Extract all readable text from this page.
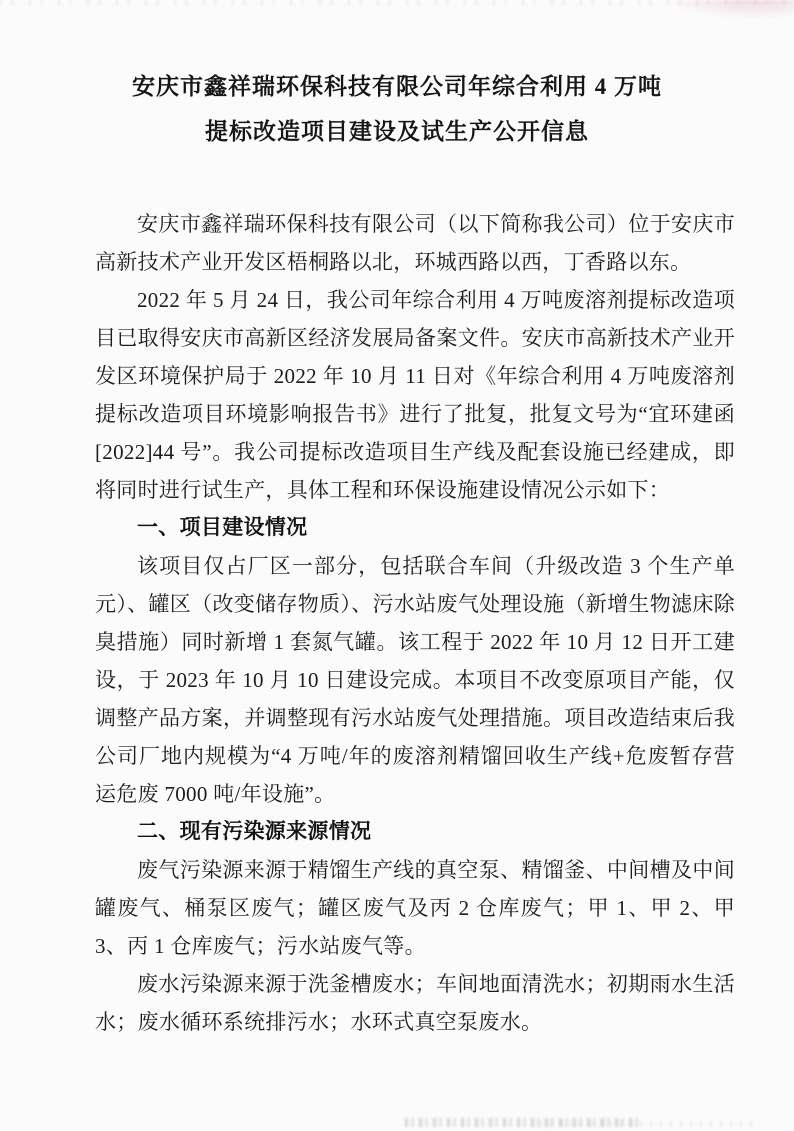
安庆市鑫祥瑞环保科技有限公司年综合利用 4 万吨
提标改造项目建设及试生产公开信息

安庆市鑫祥瑞环保科技有限公司（以下简称我公司）位于安庆市高新技术产业开发区梧桐路以北，环城西路以西，丁香路以东。

2022 年 5 月 24 日，我公司年综合利用 4 万吨废溶剂提标改造项目已取得安庆市高新区经济发展局备案文件。安庆市高新技术产业开发区环境保护局于 2022 年 10 月 11 日对《年综合利用 4 万吨废溶剂提标改造项目环境影响报告书》进行了批复，批复文号为“宜环建函[2022]44 号”。我公司提标改造项目生产线及配套设施已经建成，即将同时进行试生产，具体工程和环保设施建设情况公示如下：

一、项目建设情况

该项目仅占厂区一部分，包括联合车间（升级改造 3 个生产单元）、罐区（改变储存物质）、污水站废气处理设施（新增生物滤床除臭措施）同时新增 1 套氮气罐。该工程于 2022 年 10 月 12 日开工建设，于 2023 年 10 月 10 日建设完成。本项目不改变原项目产能，仅调整产品方案，并调整现有污水站废气处理措施。项目改造结束后我公司厂地内规模为“4 万吨/年的废溶剂精馏回收生产线+危废暂存营运危废 7000 吨/年设施”。

二、现有污染源来源情况

废气污染源来源于精馏生产线的真空泵、精馏釜、中间槽及中间罐废气、桶泵区废气；罐区废气及丙 2 仓库废气；甲 1、甲 2、甲 3、丙 1 仓库废气；污水站废气等。

废水污染源来源于洗釜槽废水；车间地面清洗水；初期雨水生活水；废水循环系统排污水；水环式真空泵废水。
